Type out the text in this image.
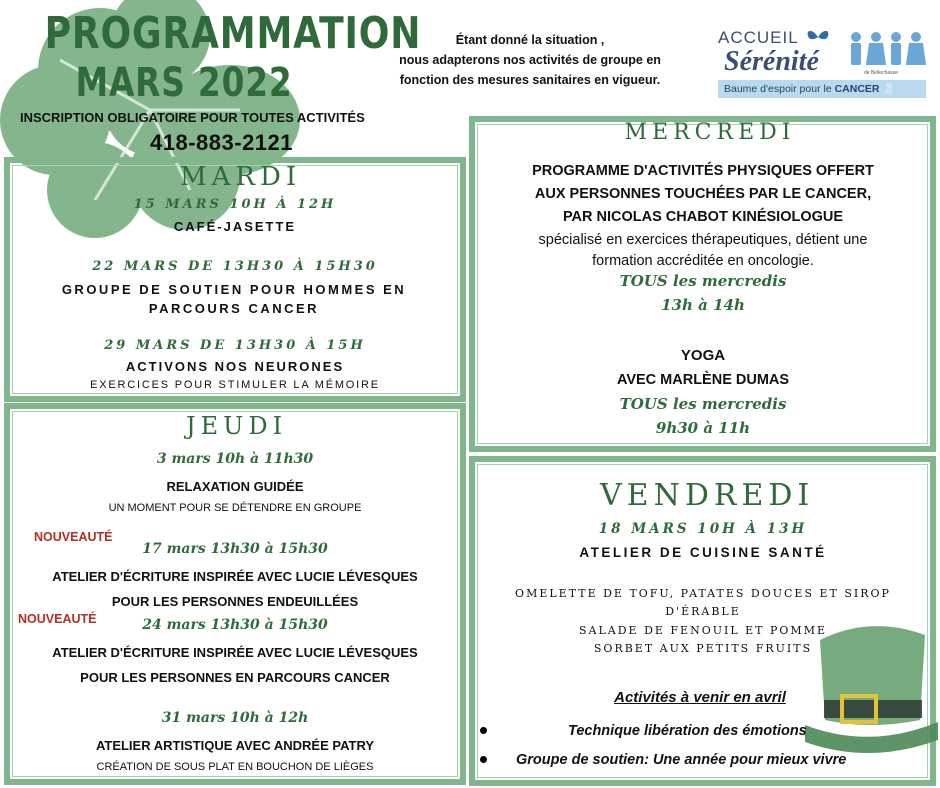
PROGRAMMATION
MARS 2022
INSCRIPTION OBLIGATOIRE POUR TOUTES ACTIVITÉS
418-883-2121
Étant donné la situation ,
nous adapterons nos activités de groupe en
fonction des mesures sanitaires en vigueur.
ACCUEIL
Sérénité	de Bellechasse
Baume d'espoir pour le CANCER 🎗
MARDI
15 MARS 10H À 12H
CAFÉ-JASETTE
22 MARS DE 13H30 À 15H30
GROUPE DE SOUTIEN POUR HOMMES EN
PARCOURS CANCER
29 MARS DE 13H30 À 15H
ACTIVONS NOS NEURONES
EXERCICES POUR STIMULER LA MÉMOIRE
JEUDI
3 mars 10h à 11h30
RELAXATION GUIDÉE
UN MOMENT POUR SE DÉTENDRE EN GROUPE
NOUVEAUTÉ
17 mars 13h30 à 15h30
ATELIER D'ÉCRITURE INSPIRÉE AVEC LUCIE LÉVESQUES
POUR LES PERSONNES ENDEUILLÉES
NOUVEAUTÉ	24 mars 13h30 à 15h30
ATELIER D'ÉCRITURE INSPIRÉE AVEC LUCIE LÉVESQUES
POUR LES PERSONNES EN PARCOURS CANCER
31 mars 10h à 12h
ATELIER ARTISTIQUE AVEC ANDRÉE PATRY
CRÉATION DE SOUS PLAT EN BOUCHON DE LIÈGES
MERCREDI
PROGRAMME D'ACTIVITÉS PHYSIQUES OFFERT
AUX PERSONNES TOUCHÉES PAR LE CANCER,
PAR NICOLAS CHABOT KINÉSIOLOGUE
spécialisé en exercices thérapeutiques, détient une
formation accréditée en oncologie.
TOUS les mercredis
13h à 14h
YOGA
AVEC MARLÈNE DUMAS
TOUS les mercredis
9h30 à 11h
VENDREDI
18 MARS 10H À 13H
ATELIER DE CUISINE SANTÉ
OMELETTE DE TOFU, PATATES DOUCES ET SIROP
D'ÉRABLE
SALADE DE FENOUIL ET POMME
SORBET AUX PETITS FRUITS
Activités à venir en avril
Technique libération des émotions
Groupe de soutien: Une année pour mieux vivre
